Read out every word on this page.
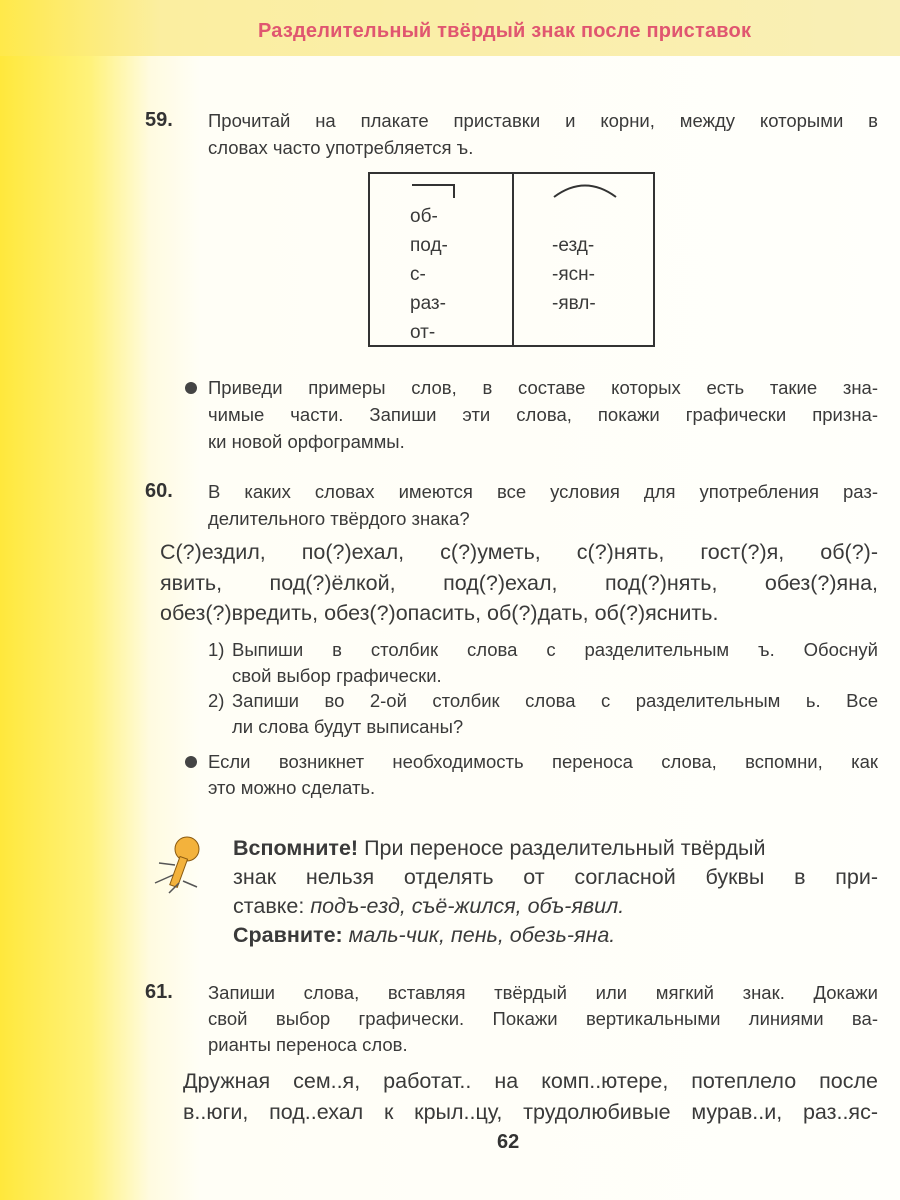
Разделительный твёрдый знак после приставок
59. Прочитай на плакате приставки и корни, между которыми в
словах часто употребляется ъ.
об-
под-
с-
раз-
от-
-езд-
-ясн-
-явл-
Приведи примеры слов, в составе которых есть такие зна-
чимые части. Запиши эти слова, покажи графически призна-
ки новой орфограммы.
60. В каких словах имеются все условия для употребления раз-
делительного твёрдого знака?
С(?)ездил, по(?)ехал, с(?)уметь, с(?)нять, гост(?)я, об(?)-
явить, под(?)ёлкой, под(?)ехал, под(?)нять, обез(?)яна,
обез(?)вредить, обез(?)опасить, об(?)дать, об(?)яснить.
1) Выпиши в столбик слова с разделительным ъ. Обоснуй
свой выбор графически.
2) Запиши во 2-ой столбик слова с разделительным ь. Все
ли слова будут выписаны?
Если возникнет необходимость переноса слова, вспомни, как
это можно сделать.
Вспомните! При переносе разделительный твёрдый
знак нельзя отделять от согласной буквы в при-
ставке: подъ-езд, съё-жился, объ-явил.
Сравните: маль-чик, пень, обезь-яна.
61. Запиши слова, вставляя твёрдый или мягкий знак. Докажи
свой выбор графически. Покажи вертикальными линиями ва-
рианты переноса слов.
Дружная сем..я, работат.. на комп..ютере, потеплело после
в..юги, под..ехал к крыл..цу, трудолюбивые мурав..и, раз..яс-
62
